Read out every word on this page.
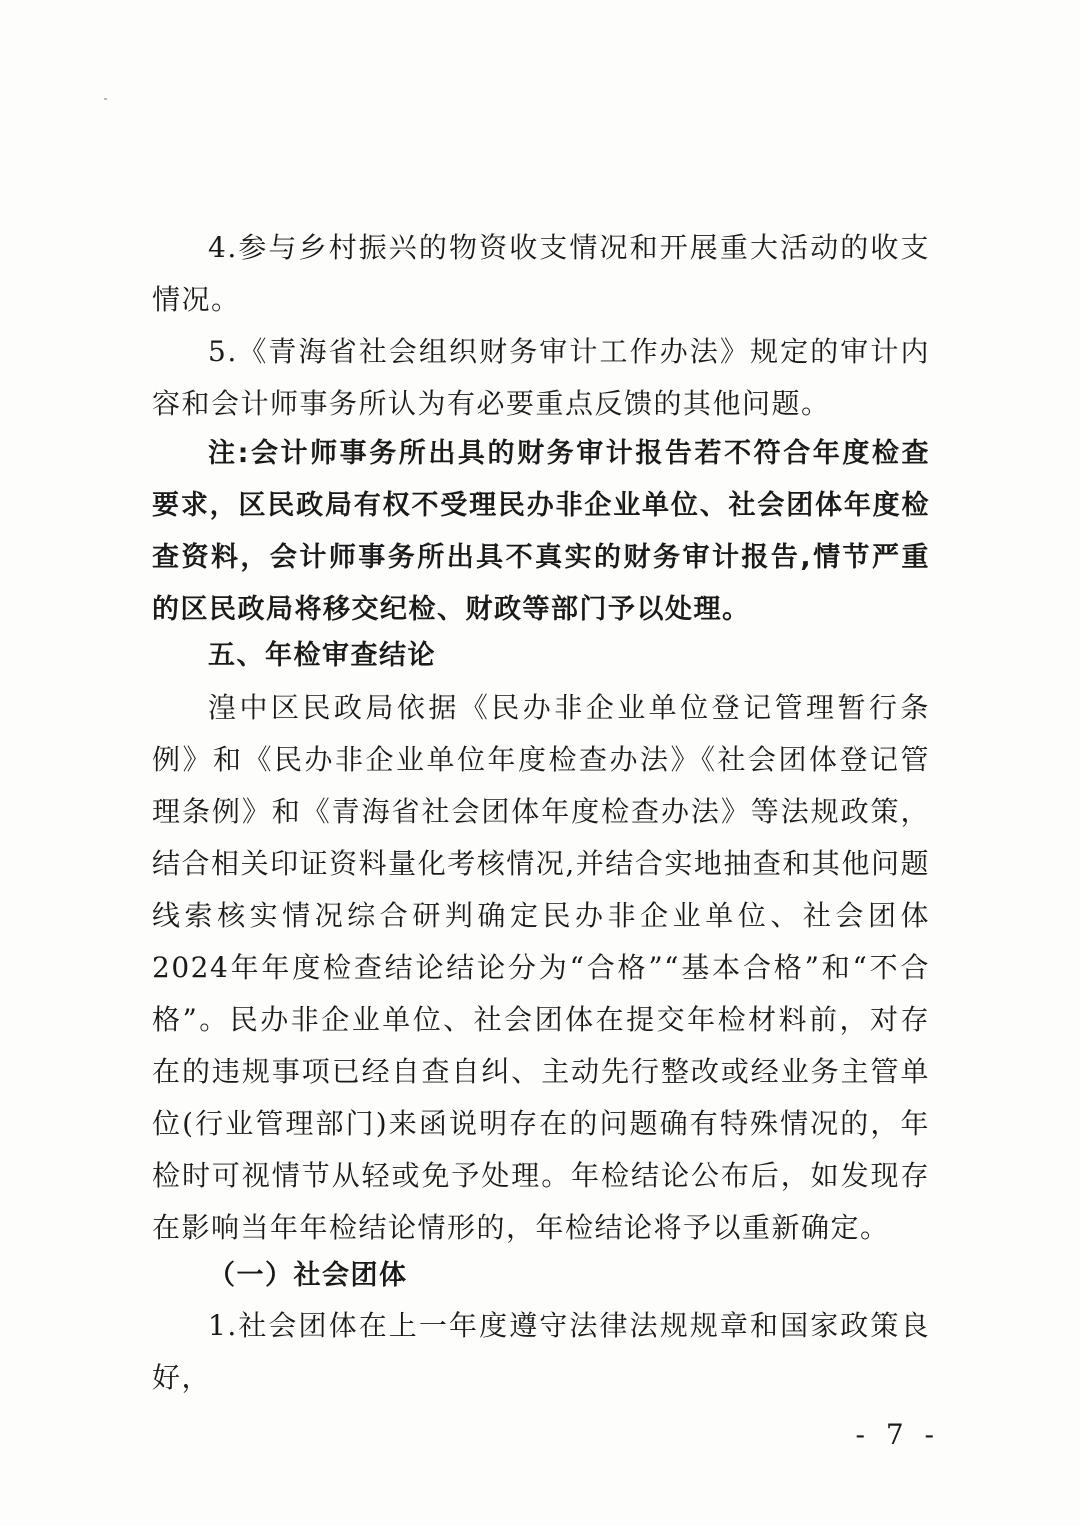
4.参与乡村振兴的物资收支情况和开展重大活动的收支情况。

5.《青海省社会组织财务审计工作办法》规定的审计内容和会计师事务所认为有必要重点反馈的其他问题。

注:会计师事务所出具的财务审计报告若不符合年度检查要求，区民政局有权不受理民办非企业单位、社会团体年度检查资料，会计师事务所出具不真实的财务审计报告,情节严重的区民政局将移交纪检、财政等部门予以处理。

五、年检审查结论

湟中区民政局依据《民办非企业单位登记管理暂行条例》和《民办非企业单位年度检查办法》《社会团体登记管理条例》和《青海省社会团体年度检查办法》等法规政策，结合相关印证资料量化考核情况,并结合实地抽查和其他问题线索核实情况综合研判确定民办非企业单位、社会团体2024年年度检查结论结论分为“合格”“基本合格”和“不合格”。民办非企业单位、社会团体在提交年检材料前，对存在的违规事项已经自查自纠、主动先行整改或经业务主管单位(行业管理部门)来函说明存在的问题确有特殊情况的，年检时可视情节从轻或免予处理。年检结论公布后，如发现存在影响当年年检结论情形的，年检结论将予以重新确定。

（一）社会团体

1.社会团体在上一年度遵守法律法规规章和国家政策良好，

- 7 -
